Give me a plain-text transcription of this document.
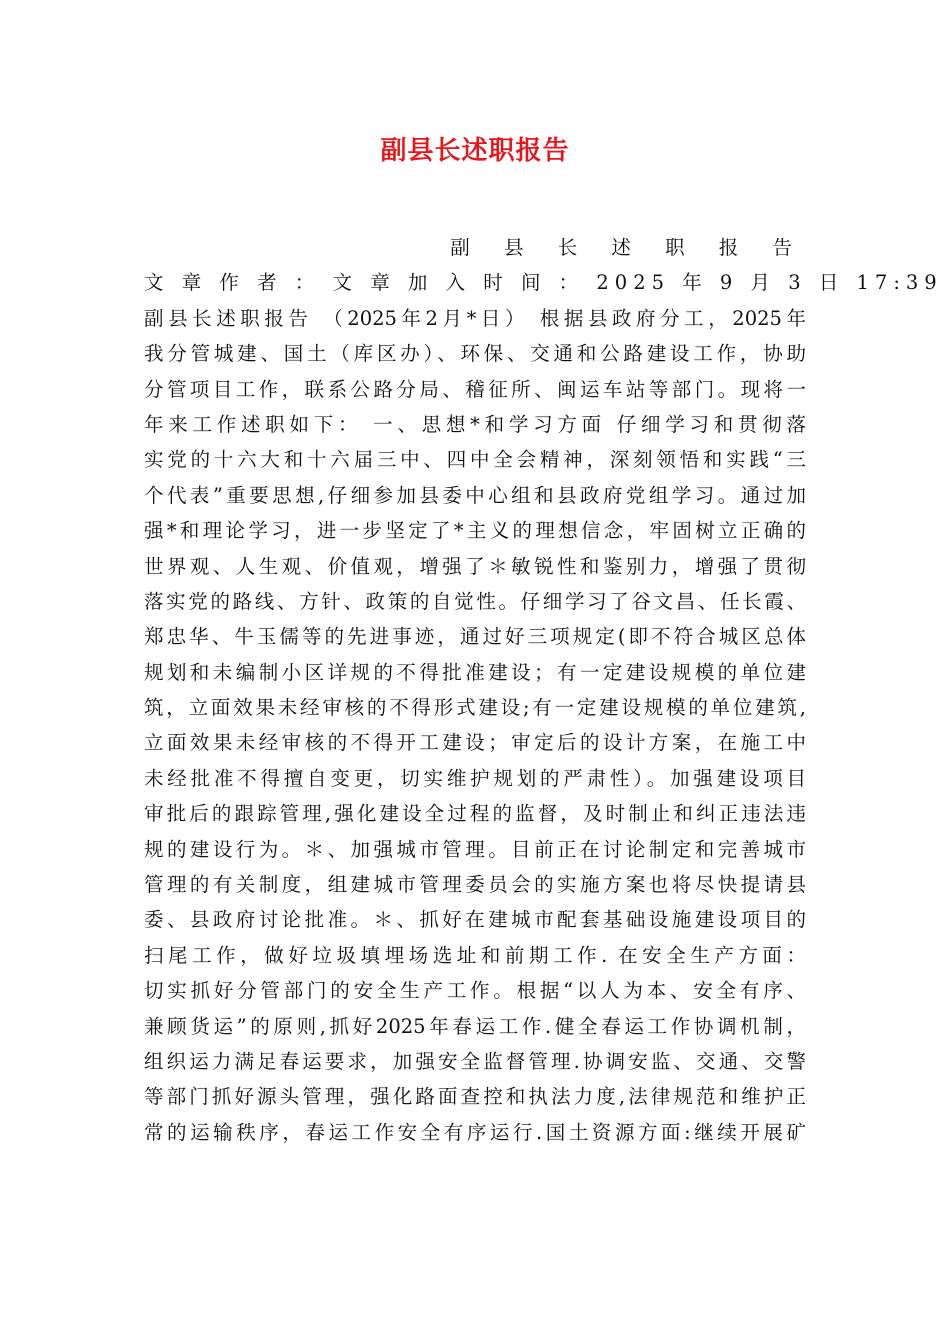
副县长述职报告
副 县 长 述 职 报 告
文 章 作 者 ： 文 章 加 入 时 间 ： 2025 年 9 月 3 日 17:39
副县长述职报告 （2025年2月*日） 根据县政府分工，2025年
我分管城建、国土（库区办）、环保、交通和公路建设工作，协助
分管项目工作，联系公路分局、稽征所、闽运车站等部门。现将一
年来工作述职如下： 一、思想*和学习方面 仔细学习和贯彻落
实党的十六大和十六届三中、四中全会精神，深刻领悟和实践“三
个代表”重要思想,仔细参加县委中心组和县政府党组学习。通过加
强*和理论学习，进一步坚定了*主义的理想信念，牢固树立正确的
世界观、人生观、价值观，增强了＊敏锐性和鉴别力，增强了贯彻
落实党的路线、方针、政策的自觉性。仔细学习了谷文昌、任长霞、
郑忠华、牛玉儒等的先进事迹，通过好三项规定(即不符合城区总体
规划和未编制小区详规的不得批准建设；有一定建设规模的单位建
筑，立面效果未经审核的不得形式建设;有一定建设规模的单位建筑,
立面效果未经审核的不得开工建设；审定后的设计方案，在施工中
未经批准不得擅自变更，切实维护规划的严肃性）。加强建设项目
审批后的跟踪管理,强化建设全过程的监督，及时制止和纠正违法违
规的建设行为。＊、加强城市管理。目前正在讨论制定和完善城市
管理的有关制度，组建城市管理委员会的实施方案也将尽快提请县
委、县政府讨论批准。＊、抓好在建城市配套基础设施建设项目的
扫尾工作，做好垃圾填埋场选址和前期工作. 在安全生产方面：
切实抓好分管部门的安全生产工作。根据“以人为本、安全有序、
兼顾货运”的原则,抓好2025年春运工作.健全春运工作协调机制，
组织运力满足春运要求，加强安全监督管理.协调安监、交通、交警
等部门抓好源头管理，强化路面查控和执法力度,法律规范和维护正
常的运输秩序，春运工作安全有序运行.国土资源方面:继续开展矿
